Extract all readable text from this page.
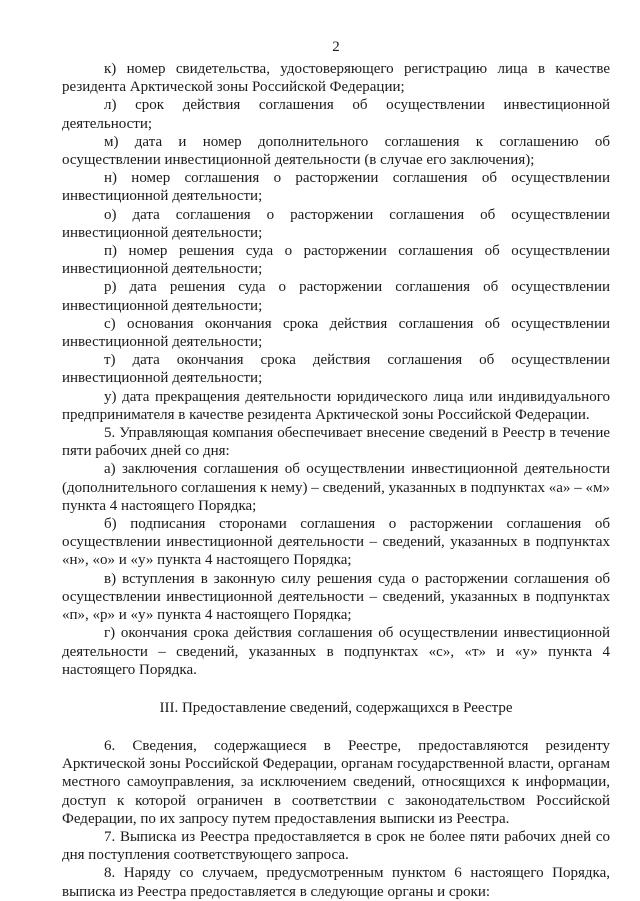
2

к) номер свидетельства, удостоверяющего регистрацию лица в качестве резидента Арктической зоны Российской Федерации;

л) срок действия соглашения об осуществлении инвестиционной деятельности;

м) дата и номер дополнительного соглашения к соглашению об осуществлении инвестиционной деятельности (в случае его заключения);

н) номер соглашения о расторжении соглашения об осуществлении инвестиционной деятельности;

о) дата соглашения о расторжении соглашения об осуществлении инвестиционной деятельности;

п) номер решения суда о расторжении соглашения об осуществлении инвестиционной деятельности;

р) дата решения суда о расторжении соглашения об осуществлении инвестиционной деятельности;

с) основания окончания срока действия соглашения об осуществлении инвестиционной деятельности;

т) дата окончания срока действия соглашения об осуществлении инвестиционной деятельности;

у) дата прекращения деятельности юридического лица или индивидуального предпринимателя в качестве резидента Арктической зоны Российской Федерации.

5. Управляющая компания обеспечивает внесение сведений в Реестр в течение пяти рабочих дней со дня:

а) заключения соглашения об осуществлении инвестиционной деятельности (дополнительного соглашения к нему) – сведений, указанных в подпунктах «а» – «м» пункта 4 настоящего Порядка;

б) подписания сторонами соглашения о расторжении соглашения об осуществлении инвестиционной деятельности – сведений, указанных в подпунктах «н», «о» и «у» пункта 4 настоящего Порядка;

в) вступления в законную силу решения суда о расторжении соглашения об осуществлении инвестиционной деятельности – сведений, указанных в подпунктах «п», «р» и «у» пункта 4 настоящего Порядка;

г) окончания срока действия соглашения об осуществлении инвестиционной деятельности – сведений, указанных в подпунктах «с», «т» и «у» пункта 4 настоящего Порядка.

III. Предоставление сведений, содержащихся в Реестре

6. Сведения, содержащиеся в Реестре, предоставляются резиденту Арктической зоны Российской Федерации, органам государственной власти, органам местного самоуправления, за исключением сведений, относящихся к информации, доступ к которой ограничен в соответствии с законодательством Российской Федерации, по их запросу путем предоставления выписки из Реестра.

7. Выписка из Реестра предоставляется в срок не более пяти рабочих дней со дня поступления соответствующего запроса.

8. Наряду со случаем, предусмотренным пунктом 6 настоящего Порядка, выписка из Реестра предоставляется в следующие органы и сроки:
